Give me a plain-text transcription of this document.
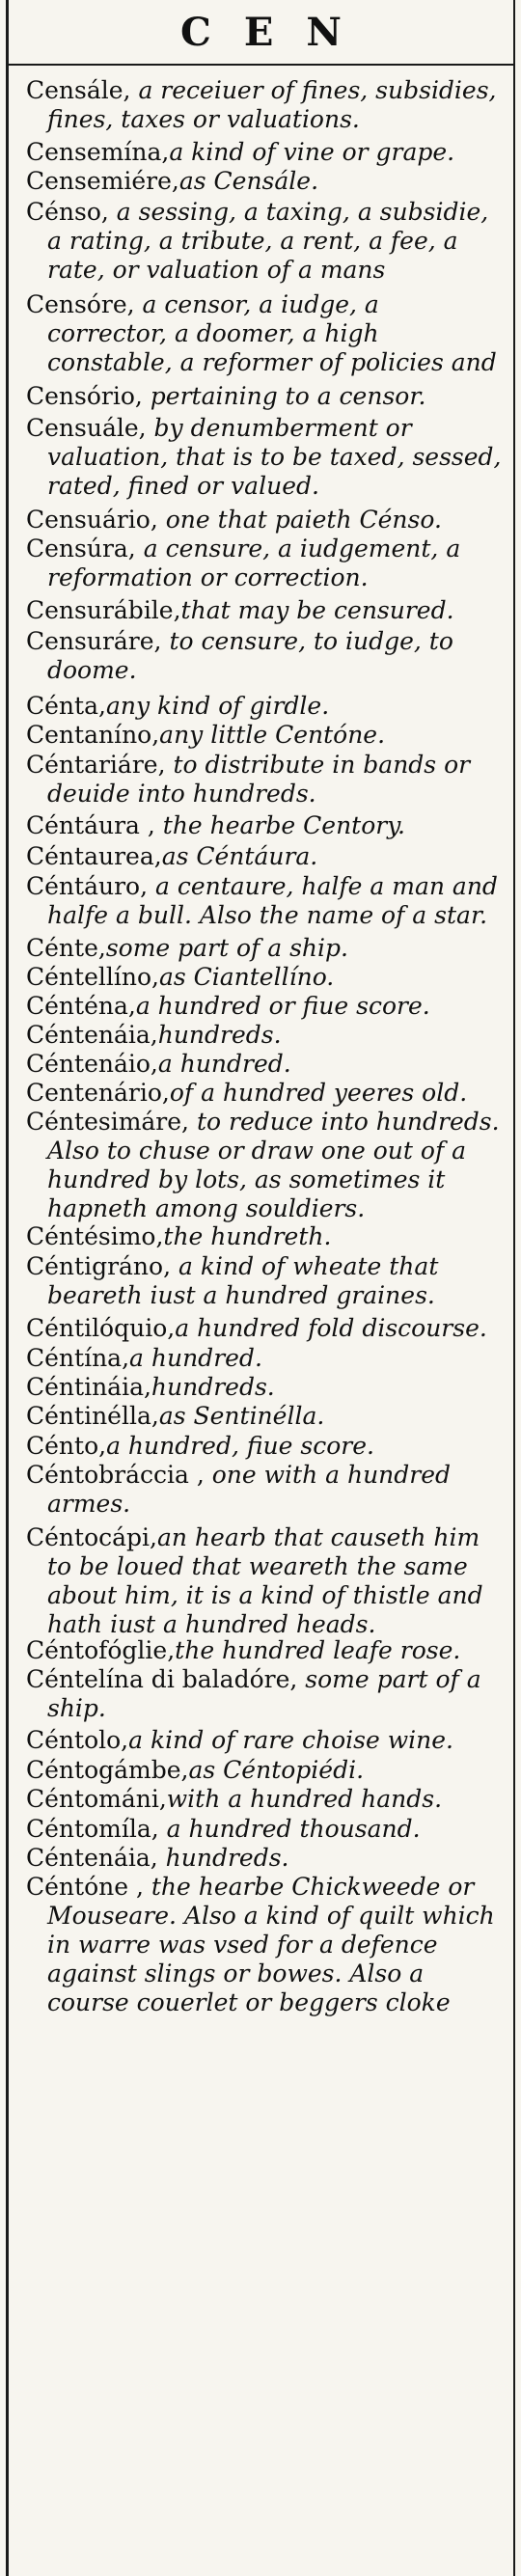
CEN
Censále, a receiuer of fines, subsidies, fines, taxes or valuations.
Censemína,a kind of vine or grape.
Censemiére,as Censále.
Cénso, a sessing, a taxing, a subsidie, a rating, a tribute, a rent, a fee, a rate, or valuation of a mans
Censóre, a censor, a iudge, a corrector, a doomer, a high constable, a reformer of policies and
Censório, pertaining to a censor.
Censuále, by denumberment or valuation, that is to be taxed, sessed, rated, fined or valued.
Censuário, one that paieth Cénso.
Censúra, a censure, a iudgement, a reformation or correction.
Censurábile,that may be censured.
Censuráre, to censure, to iudge, to doome.
Cénta,any kind of girdle.
Centaníno,any little Centóne.
Céntariáre, to distribute in bands or deuide into hundreds.
Céntáura , the hearbe Centory.
Céntaurea,as Céntáura.
Céntáuro, a centaure, halfe a man and halfe a bull. Also the name of a star.
Cénte,some part of a ship.
Céntellíno,as Ciantellíno.
Cénténa,a hundred or fiue score.
Céntenáia,hundreds.
Céntenáio,a hundred.
Centenário,of a hundred yeeres old.
Céntesimáre, to reduce into hundreds. Also to chuse or draw one out of a hundred by lots, as sometimes it hapneth among souldiers.
Céntésimo,the hundreth.
Céntigráno, a kind of wheate that beareth iust a hundred graines.
Céntilóquio,a hundred fold discourse.
Céntína,a hundred.
Céntináia,hundreds.
Céntinélla,as Sentinélla.
Cénto,a hundred, fiue score.
Céntobráccia , one with a hundred armes.
Céntocápi,an hearb that causeth him to be loued that weareth the same about him, it is a kind of thistle and hath iust a hundred heads.
Céntofóglie,the hundred leafe rose.
Céntelína di baladóre, some part of a ship.
Céntolo,a kind of rare choise wine.
Céntogámbe,as Céntopiédi.
Céntománi,with a hundred hands.
Céntomíla, a hundred thousand.
Céntenáia, hundreds.
Céntóne , the hearbe Chickweede or Mouseare. Also a kind of quilt which in warre was vsed for a defence against slings or bowes. Also a course couerlet or beggers cloke
